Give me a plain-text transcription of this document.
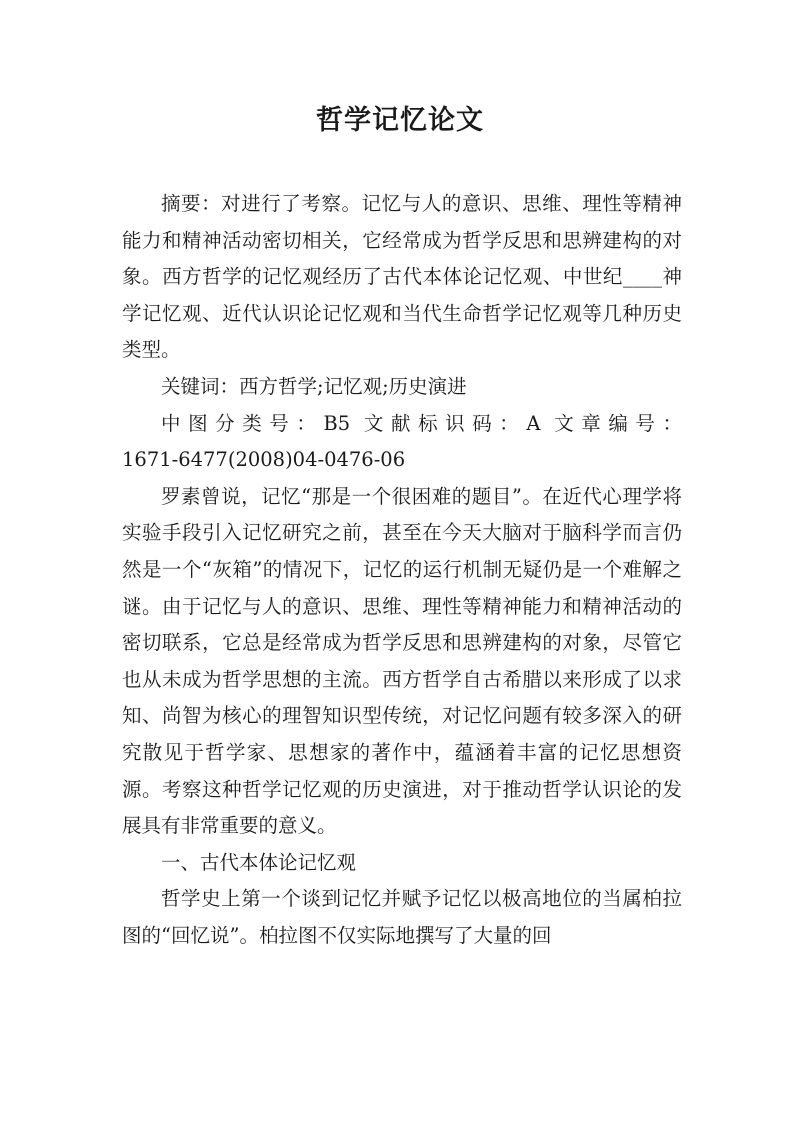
哲学记忆论文

摘要：对进行了考察。记忆与人的意识、思维、理性等精神能力和精神活动密切相关，它经常成为哲学反思和思辨建构的对象。西方哲学的记忆观经历了古代本体论记忆观、中世纪____神学记忆观、近代认识论记忆观和当代生命哲学记忆观等几种历史类型。

关键词：西方哲学;记忆观;历史演进

中图分类号：B5 文献标识码：A 文章编号：

1671-6477(2008)04-0476-06

罗素曾说，记忆“那是一个很困难的题目”。在近代心理学将实验手段引入记忆研究之前，甚至在今天大脑对于脑科学而言仍然是一个“灰箱”的情况下，记忆的运行机制无疑仍是一个难解之谜。由于记忆与人的意识、思维、理性等精神能力和精神活动的密切联系，它总是经常成为哲学反思和思辨建构的对象，尽管它也从未成为哲学思想的主流。西方哲学自古希腊以来形成了以求知、尚智为核心的理智知识型传统，对记忆问题有较多深入的研究散见于哲学家、思想家的著作中，蕴涵着丰富的记忆思想资源。考察这种哲学记忆观的历史演进，对于推动哲学认识论的发展具有非常重要的意义。

一、古代本体论记忆观

哲学史上第一个谈到记忆并赋予记忆以极高地位的当属柏拉图的“回忆说”。柏拉图不仅实际地撰写了大量的回
